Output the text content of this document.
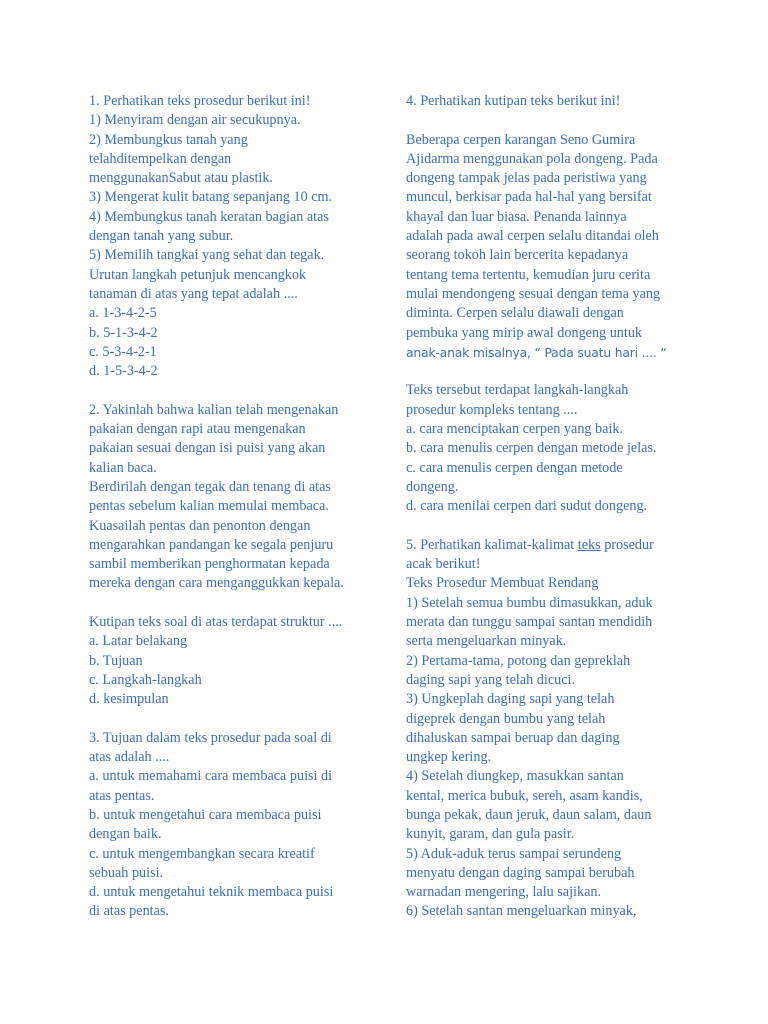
1. Perhatikan teks prosedur berikut ini!
1) Menyiram dengan air secukupnya.
2) Membungkus tanah yang
telahditempelkan dengan
menggunakanSabut atau plastik.
3) Mengerat kulit batang sepanjang 10 cm.
4) Membungkus tanah keratan bagian atas
dengan tanah yang subur.
5) Memilih tangkai yang sehat dan tegak.
Urutan langkah petunjuk mencangkok
tanaman di atas yang tepat adalah ....
a. 1-3-4-2-5
b. 5-1-3-4-2
c. 5-3-4-2-1
d. 1-5-3-4-2
2. Yakinlah bahwa kalian telah mengenakan
pakaian dengan rapi atau mengenakan
pakaian sesuai dengan isi puisi yang akan
kalian baca.
Berdirilah dengan tegak dan tenang di atas
pentas sebelum kalian memulai membaca.
Kuasailah pentas dan penonton dengan
mengarahkan pandangan ke segala penjuru
sambil memberikan penghormatan kepada
mereka dengan cara menganggukkan kepala.
Kutipan teks soal di atas terdapat struktur ....
a. Latar belakang
b. Tujuan
c. Langkah-langkah
d. kesimpulan
3. Tujuan dalam teks prosedur pada soal di
atas adalah ....
a. untuk memahami cara membaca puisi di
atas pentas.
b. untuk mengetahui cara membaca puisi
dengan baik.
c. untuk mengembangkan secara kreatif
sebuah puisi.
d. untuk mengetahui teknik membaca puisi
di atas pentas.
4. Perhatikan kutipan teks berikut ini!
Beberapa cerpen karangan Seno Gumira
Ajidarma menggunakan pola dongeng. Pada
dongeng tampak jelas pada peristiwa yang
muncul, berkisar pada hal-hal yang bersifat
khayal dan luar biasa. Penanda lainnya
adalah pada awal cerpen selalu ditandai oleh
seorang tokoh lain bercerita kepadanya
tentang tema tertentu, kemudian juru cerita
mulai mendongeng sesuai dengan tema yang
diminta. Cerpen selalu diawali dengan
pembuka yang mirip awal dongeng untuk
anak-anak misalnya, “ Pada suatu hari .... “
Teks tersebut terdapat langkah-langkah
prosedur kompleks tentang ....
a. cara menciptakan cerpen yang baik.
b. cara menulis cerpen dengan metode jelas.
c. cara menulis cerpen dengan metode
dongeng.
d. cara menilai cerpen dari sudut dongeng.
5. Perhatikan kalimat-kalimat teks prosedur
acak berikut!
Teks Prosedur Membuat Rendang
1) Setelah semua bumbu dimasukkan, aduk
merata dan tunggu sampai santan mendidih
serta mengeluarkan minyak.
2) Pertama-tama, potong dan gepreklah
daging sapi yang telah dicuci.
3) Ungkeplah daging sapi yang telah
digeprek dengan bumbu yang telah
dihaluskan sampai beruap dan daging
ungkep kering.
4) Setelah diungkep, masukkan santan
kental, merica bubuk, sereh, asam kandis,
bunga pekak, daun jeruk, daun salam, daun
kunyit, garam, dan gula pasir.
5) Aduk-aduk terus sampai serundeng
menyatu dengan daging sampai berubah
warnadan mengering, lalu sajikan.
6) Setelah santan mengeluarkan minyak,
